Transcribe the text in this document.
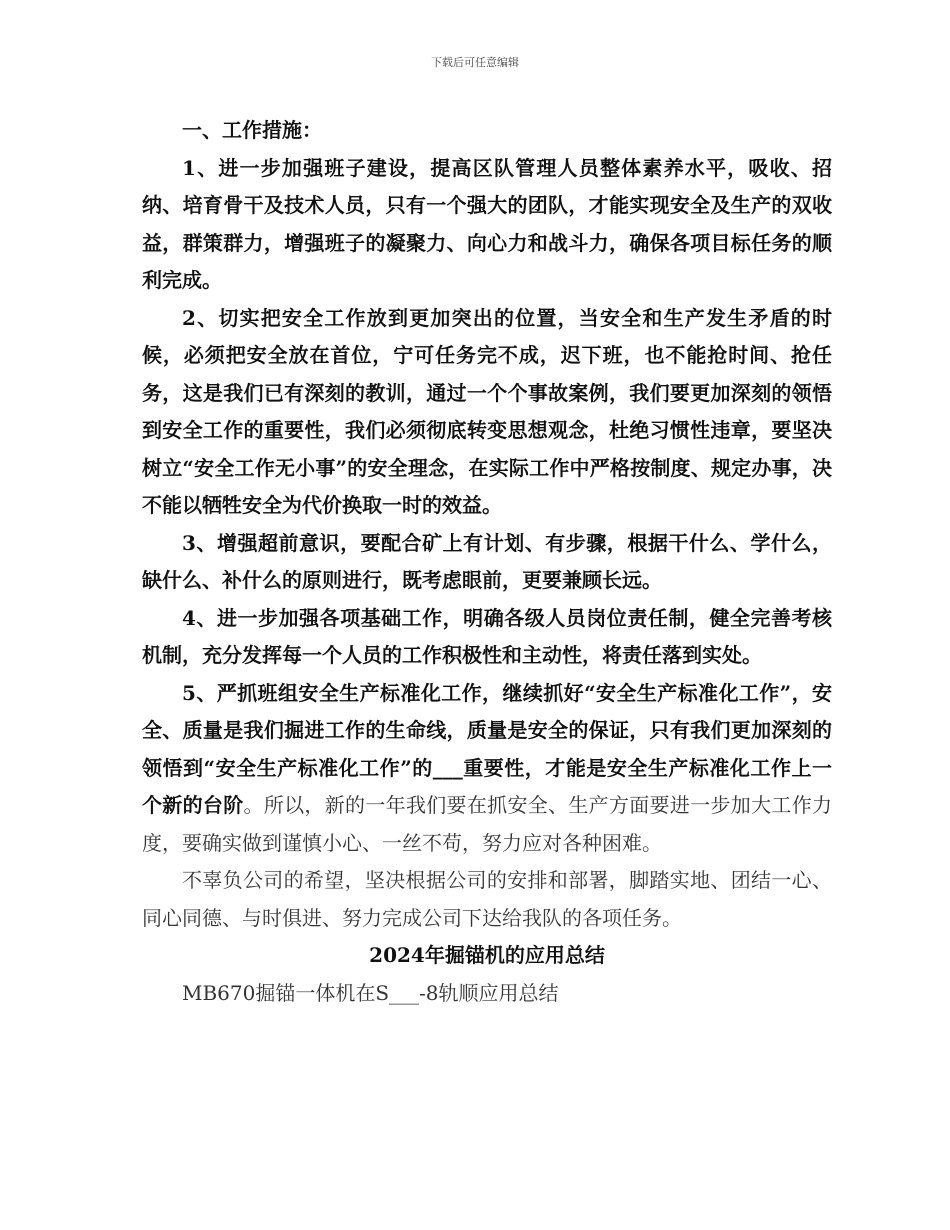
下载后可任意编辑

一、工作措施：

1、进一步加强班子建设，提高区队管理人员整体素养水平，吸收、招纳、培育骨干及技术人员，只有一个强大的团队，才能实现安全及生产的双收益，群策群力，增强班子的凝聚力、向心力和战斗力，确保各项目标任务的顺利完成。

2、切实把安全工作放到更加突出的位置，当安全和生产发生矛盾的时候，必须把安全放在首位，宁可任务完不成，迟下班，也不能抢时间、抢任务，这是我们已有深刻的教训，通过一个个事故案例，我们要更加深刻的领悟到安全工作的重要性，我们必须彻底转变思想观念，杜绝习惯性违章，要坚决树立“安全工作无小事”的安全理念，在实际工作中严格按制度、规定办事，决不能以牺牲安全为代价换取一时的效益。

3、增强超前意识，要配合矿上有计划、有步骤，根据干什么、学什么，缺什么、补什么的原则进行，既考虑眼前，更要兼顾长远。

4、进一步加强各项基础工作，明确各级人员岗位责任制，健全完善考核机制，充分发挥每一个人员的工作积极性和主动性，将责任落到实处。

5、严抓班组安全生产标准化工作，继续抓好“安全生产标准化工作”，安全、质量是我们掘进工作的生命线，质量是安全的保证，只有我们更加深刻的领悟到“安全生产标准化工作”的___重要性，才能是安全生产标准化工作上一个新的台阶。所以，新的一年我们要在抓安全、生产方面要进一步加大工作力度，要确实做到谨慎小心、一丝不苟，努力应对各种困难。

不辜负公司的希望，坚决根据公司的安排和部署，脚踏实地、团结一心、同心同德、与时俱进、努力完成公司下达给我队的各项任务。

2024年掘锚机的应用总结

MB670掘锚一体机在S___-8轨顺应用总结
